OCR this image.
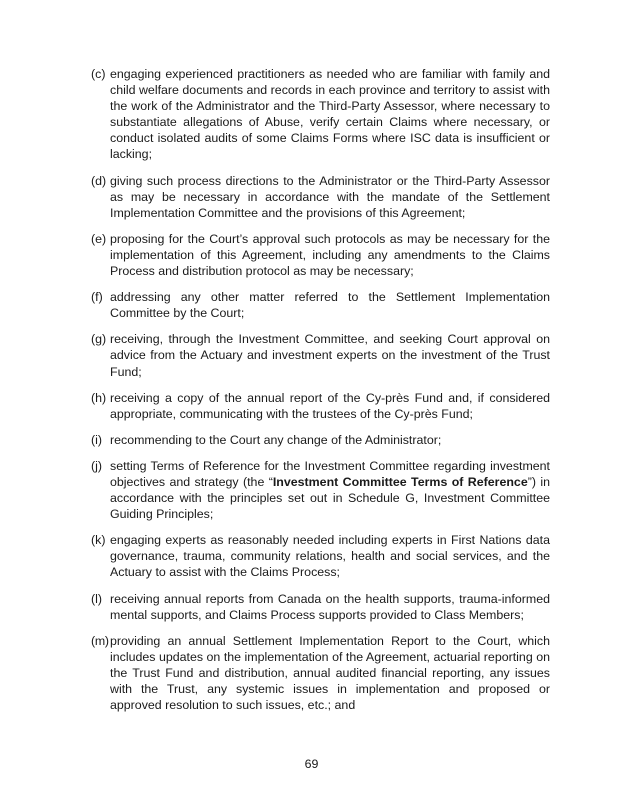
(c) engaging experienced practitioners as needed who are familiar with family and child welfare documents and records in each province and territory to assist with the work of the Administrator and the Third-Party Assessor, where necessary to substantiate allegations of Abuse, verify certain Claims where necessary, or conduct isolated audits of some Claims Forms where ISC data is insufficient or lacking;
(d) giving such process directions to the Administrator or the Third-Party Assessor as may be necessary in accordance with the mandate of the Settlement Implementation Committee and the provisions of this Agreement;
(e) proposing for the Court’s approval such protocols as may be necessary for the implementation of this Agreement, including any amendments to the Claims Process and distribution protocol as may be necessary;
(f) addressing any other matter referred to the Settlement Implementation Committee by the Court;
(g) receiving, through the Investment Committee, and seeking Court approval on advice from the Actuary and investment experts on the investment of the Trust Fund;
(h) receiving a copy of the annual report of the Cy-près Fund and, if considered appropriate, communicating with the trustees of the Cy-près Fund;
(i) recommending to the Court any change of the Administrator;
(j) setting Terms of Reference for the Investment Committee regarding investment objectives and strategy (the “Investment Committee Terms of Reference”) in accordance with the principles set out in Schedule G, Investment Committee Guiding Principles;
(k) engaging experts as reasonably needed including experts in First Nations data governance, trauma, community relations, health and social services, and the Actuary to assist with the Claims Process;
(l) receiving annual reports from Canada on the health supports, trauma-informed mental supports, and Claims Process supports provided to Class Members;
(m) providing an annual Settlement Implementation Report to the Court, which includes updates on the implementation of the Agreement, actuarial reporting on the Trust Fund and distribution, annual audited financial reporting, any issues with the Trust, any systemic issues in implementation and proposed or approved resolution to such issues, etc.; and
69
